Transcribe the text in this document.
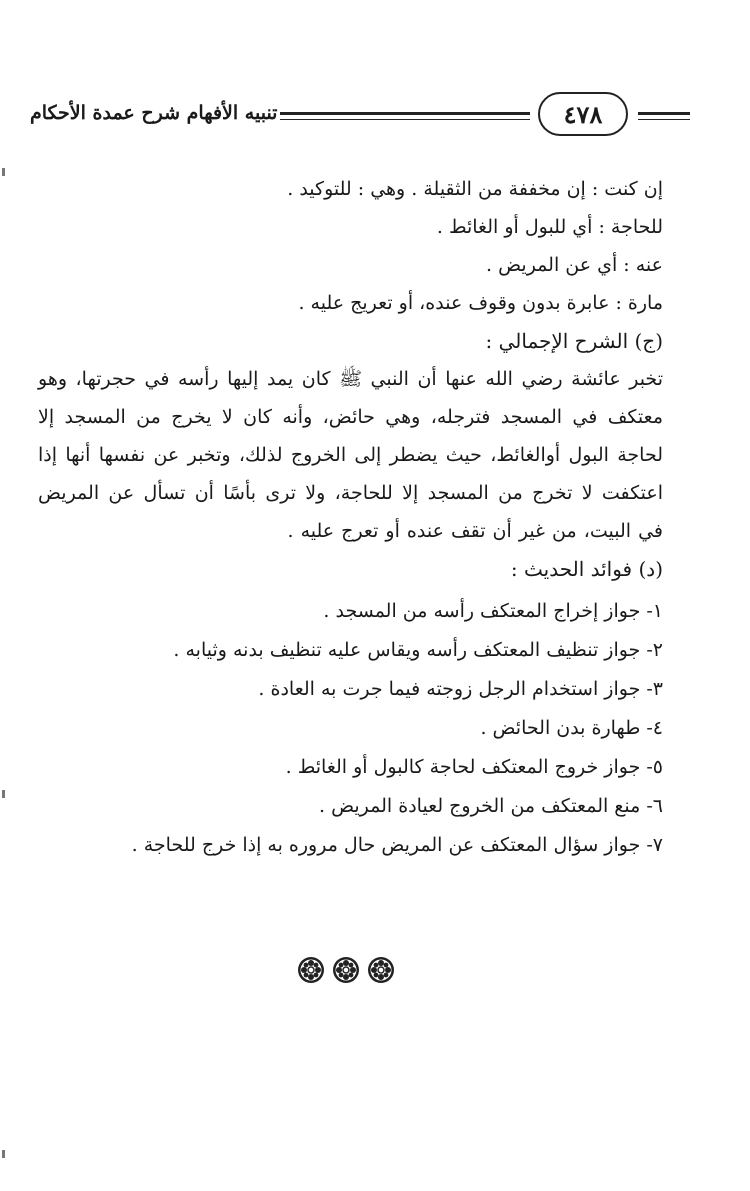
تنبيه الأفهام شرح عمدة الأحكام	٤٧٨
إن كنت : إن مخففة من الثقيلة . وهي : للتوكيد .
للحاجة : أي للبول أو الغائط .
عنه : أي عن المريض .
مارة : عابرة بدون وقوف عنده، أو تعريج عليه .
(ج) الشرح الإجمالي :

تخبر عائشة رضي الله عنها أن النبي ﷺ كان يمد إليها رأسه في حجرتها، وهو معتكف في المسجد فترجله، وهي حائض، وأنه كان لا يخرج من المسجد إلا لحاجة البول أوالغائط، حيث يضطر إلى الخروج لذلك، وتخبر عن نفسها أنها إذا اعتكفت لا تخرج من المسجد إلا للحاجة، ولا ترى بأسًا أن تسأل عن المريض في البيت، من غير أن تقف عنده أو تعرج عليه .

(د) فوائد الحديث :
١- جواز إخراج المعتكف رأسه من المسجد .
٢- جواز تنظيف المعتكف رأسه ويقاس عليه تنظيف بدنه وثيابه .
٣- جواز استخدام الرجل زوجته فيما جرت به العادة .
٤- طهارة بدن الحائض .
٥- جواز خروج المعتكف لحاجة كالبول أو الغائط .
٦- منع المعتكف من الخروج لعيادة المريض .
٧- جواز سؤال المعتكف عن المريض حال مروره به إذا خرج للحاجة .
